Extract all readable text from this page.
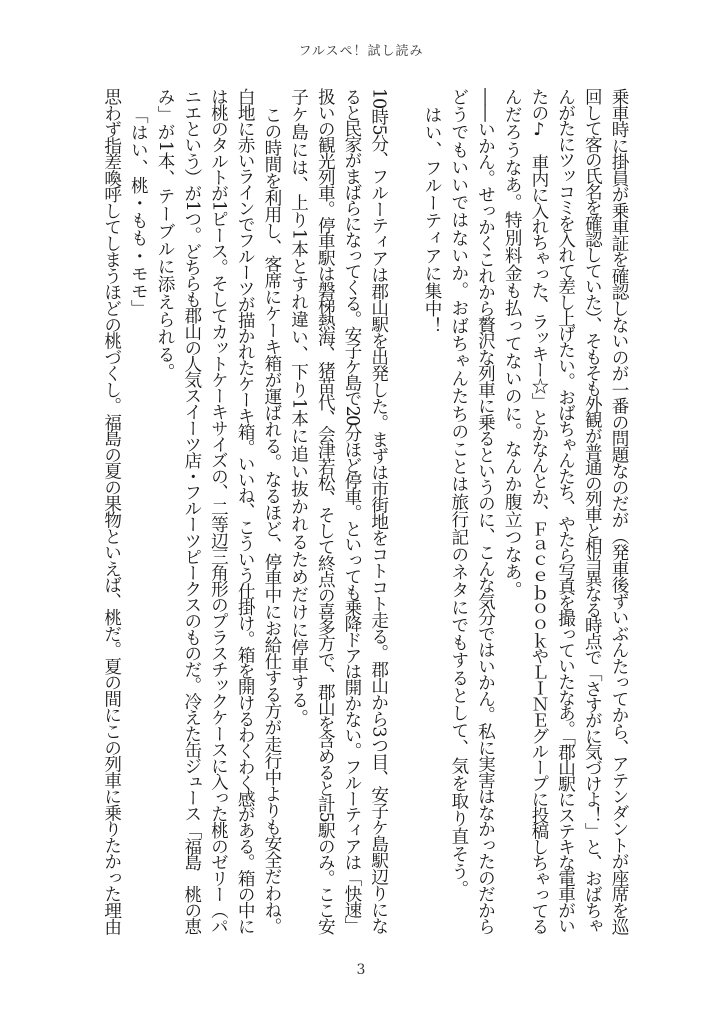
フルスペ！試し読み
乗車時に掛員が乗車証を確認しないのが一番の問題なのだが（発車後ずいぶんたってから、アテンダントが座席を巡
回して客の氏名を確認していた）、そもそも外観が普通の列車と相当異なる時点で「さすがに気づけよ！」と、おばちゃ
んがたにツッコミを入れて差し上げたい。おばちゃんたち、やたら写真を撮っていたなあ。「郡山駅にステキな電車がい
たの♪　車内に入れちゃった、ラッキー☆」とかなんとか、ＦａｃｅｂｏｏｋやＬＩＮＥグループに投稿しちゃってる
んだろうなあ。特別料金も払ってないのに。なんか腹立つなあ。
――いかん。せっかくこれから贅沢な列車に乗るというのに、こんな気分ではいかん。私に実害はなかったのだから
どうでもいいではないか。おばちゃんたちのことは旅行記のネタにでもするとして、気を取り直そう。
はい、フルーティアに集中！
10時5分、フルーティアは郡山駅を出発した。まずは市街地をコトコト走る。郡山から3つ目、安子ケ島駅辺りにな
ると民家がまばらになってくる。安子ケ島で20分ほど停車。といっても乗降ドアは開かない。フルーティアは「快速」
扱いの観光列車。停車駅は磐梯熱海、猪苗代、会津若松、そして終点の喜多方で、郡山を含めると計5駅のみ。ここ安
子ケ島には、上り1本とすれ違い、下り1本に追い抜かれるためだけに停車する。
この時間を利用し、客席にケーキ箱が運ばれる。なるほど、停車中にお給仕する方が走行中よりも安全だわね。
白地に赤いラインでフルーツが描かれたケーキ箱。いいね、こういう仕掛け。箱を開けるわくわく感がある。箱の中に
は桃のタルトが1ピース。そしてカットケーキサイズの、二等辺三角形のプラスチックケースに入った桃のゼリー（パ
ニエという）が1つ。どちらも郡山の人気スイーツ店・フルーツピークスのものだ。冷えた缶ジュース「福島　桃の恵
み」が1本、テーブルに添えられる。
「はい、桃・もも・モモ」
思わず指差喚呼してしまうほどの桃づくし。福島の夏の果物といえば、桃だ。夏の間にこの列車に乗りたかった理由
3
